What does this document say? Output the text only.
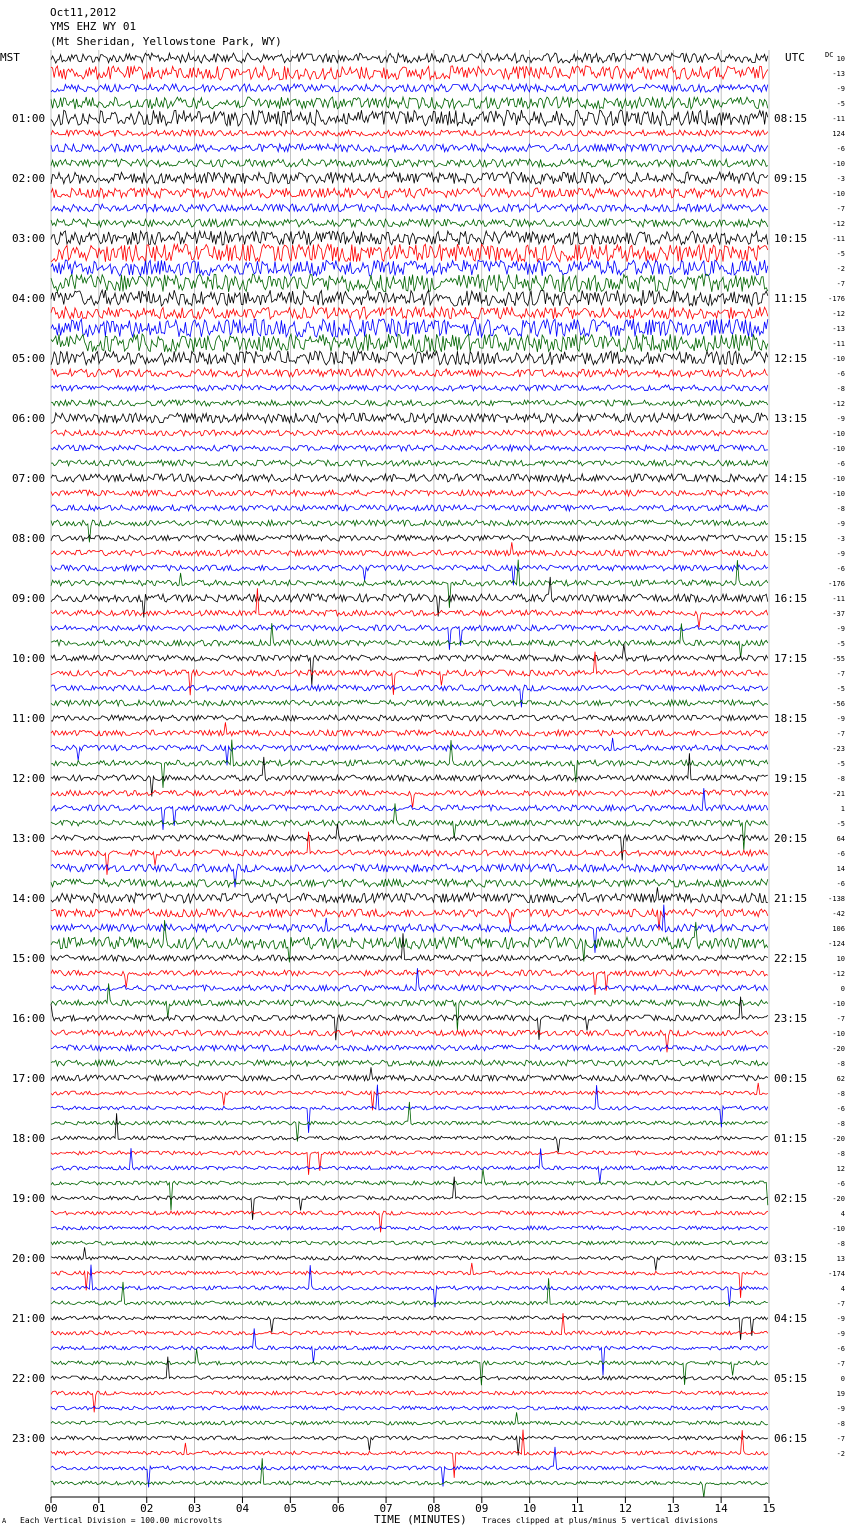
Oct11,2012
YMS EHZ WY 01
(Mt Sheridan, Yellowstone Park, WY)
MST	UTC	DC
01:00
02:00
03:00
04:00
05:00
06:00
07:00
08:00
09:00
10:00
11:00
12:00
13:00
14:00
15:00
16:00
17:00
18:00
19:00
20:00
21:00
22:00
23:00
08:15
09:15
10:15
11:15
12:15
13:15
14:15
15:15
16:15
17:15
18:15
19:15
20:15
21:15
22:15
23:15
00:15
01:15
02:15
03:15
04:15
05:15
06:15
10
-13
-9
-5
-11
124
-6
-10
-3
-10
-7
-12
-11
-5
-2
-7
-176
-12
-13
-11
-10
-6
-8
-12
-9
-10
-10
-6
-10
-10
-8
-9
-3
-9
-6
-176
-11
-37
-9
-5
-55
-7
-5
-56
-9
-7
-23
-5
-8
-21
1
-5
64
-6
14
-6
-138
-42
106
-124
10
-12
0
-10
-7
-10
-20
-8
62
-8
-6
-8
-20
-8
12
-6
-20
4
-10
-8
13
-174
4
-7
-9
-9
-6
-7
0
19
-9
-8
-7
-2
00	01	02	03	04	05	06	07	08	09	10	11	12	13	14	15
TIME (MINUTES)
Each Vertical Division = 100.00 microvolts	Traces clipped at plus/minus 5 vertical divisions
A
